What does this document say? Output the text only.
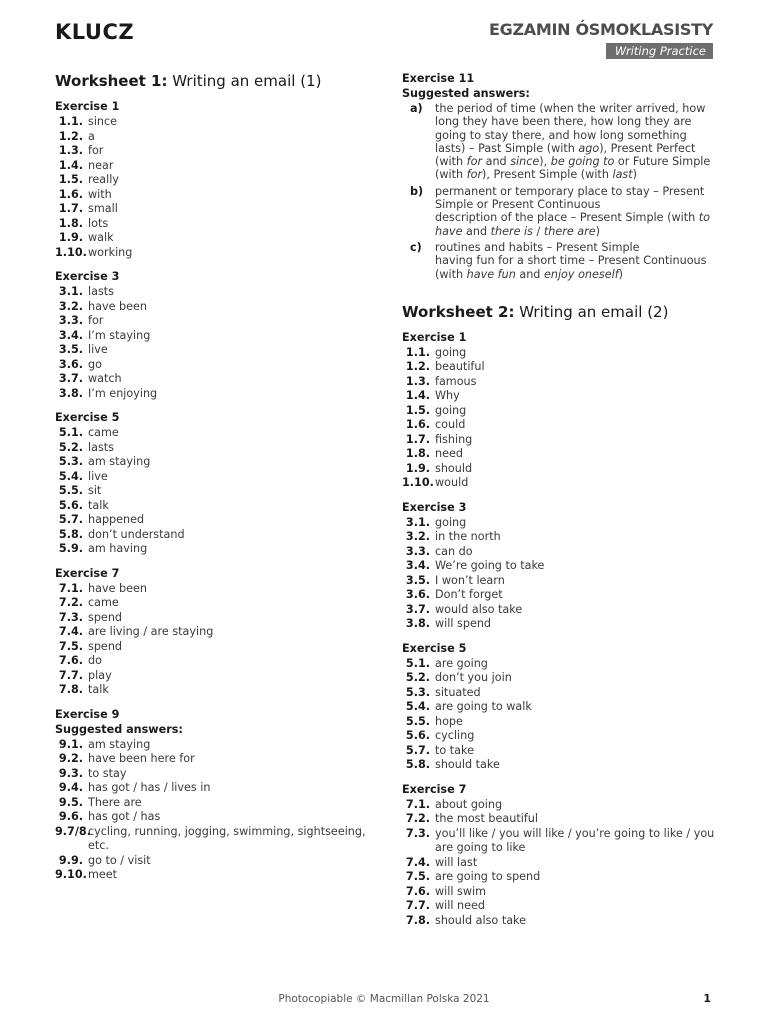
KLUCZ	EGZAMIN ÓSMOKLASISTY
Writing Practice
Worksheet 1: Writing an email (1)
Exercise 1
1.1. since
1.2. a
1.3. for
1.4. near
1.5. really
1.6. with
1.7. small
1.8. lots
1.9. walk
1.10. working
Exercise 3
3.1. lasts
3.2. have been
3.3. for
3.4. I’m staying
3.5. live
3.6. go
3.7. watch
3.8. I’m enjoying
Exercise 5
5.1. came
5.2. lasts
5.3. am staying
5.4. live
5.5. sit
5.6. talk
5.7. happened
5.8. don’t understand
5.9. am having
Exercise 7
7.1. have been
7.2. came
7.3. spend
7.4. are living / are staying
7.5. spend
7.6. do
7.7. play
7.8. talk
Exercise 9
Suggested answers:
9.1. am staying
9.2. have been here for
9.3. to stay
9.4. has got / has / lives in
9.5. There are
9.6. has got / has
9.7/8.
cycling, running, jogging, swimming, sightseeing, etc.
9.9. go to / visit
9.10. meet
Exercise 11
Suggested answers:
a)	the period of time (when the writer arrived, how long they have been there, how long they are going to stay there, and how long something lasts) – Past Simple (with ago), Present Perfect (with for and since), be going to or Future Simple (with for), Present Simple (with last)
b)	permanent or temporary place to stay – Present Simple or Present Continuous
description of the place – Present Simple (with to have and there is / there are)
c)	routines and habits – Present Simple
having fun for a short time – Present Continuous
(with have fun and enjoy oneself)
Worksheet 2: Writing an email (2)
Exercise 1
1.1. going
1.2. beautiful
1.3. famous
1.4. Why
1.5. going
1.6. could
1.7. fishing
1.8. need
1.9. should
1.10. would
Exercise 3
3.1. going
3.2. in the north
3.3. can do
3.4. We’re going to take
3.5. I won’t learn
3.6. Don’t forget
3.7. would also take
3.8. will spend
Exercise 5
5.1. are going
5.2. don’t you join
5.3. situated
5.4. are going to walk
5.5. hope
5.6. cycling
5.7. to take
5.8. should take
Exercise 7
7.1. about going
7.2. the most beautiful
7.3. you’ll like / you will like / you’re going to like / you are going to like
7.4. will last
7.5. are going to spend
7.6. will swim
7.7. will need
7.8. should also take
Photocopiable © Macmillan Polska 2021	1
